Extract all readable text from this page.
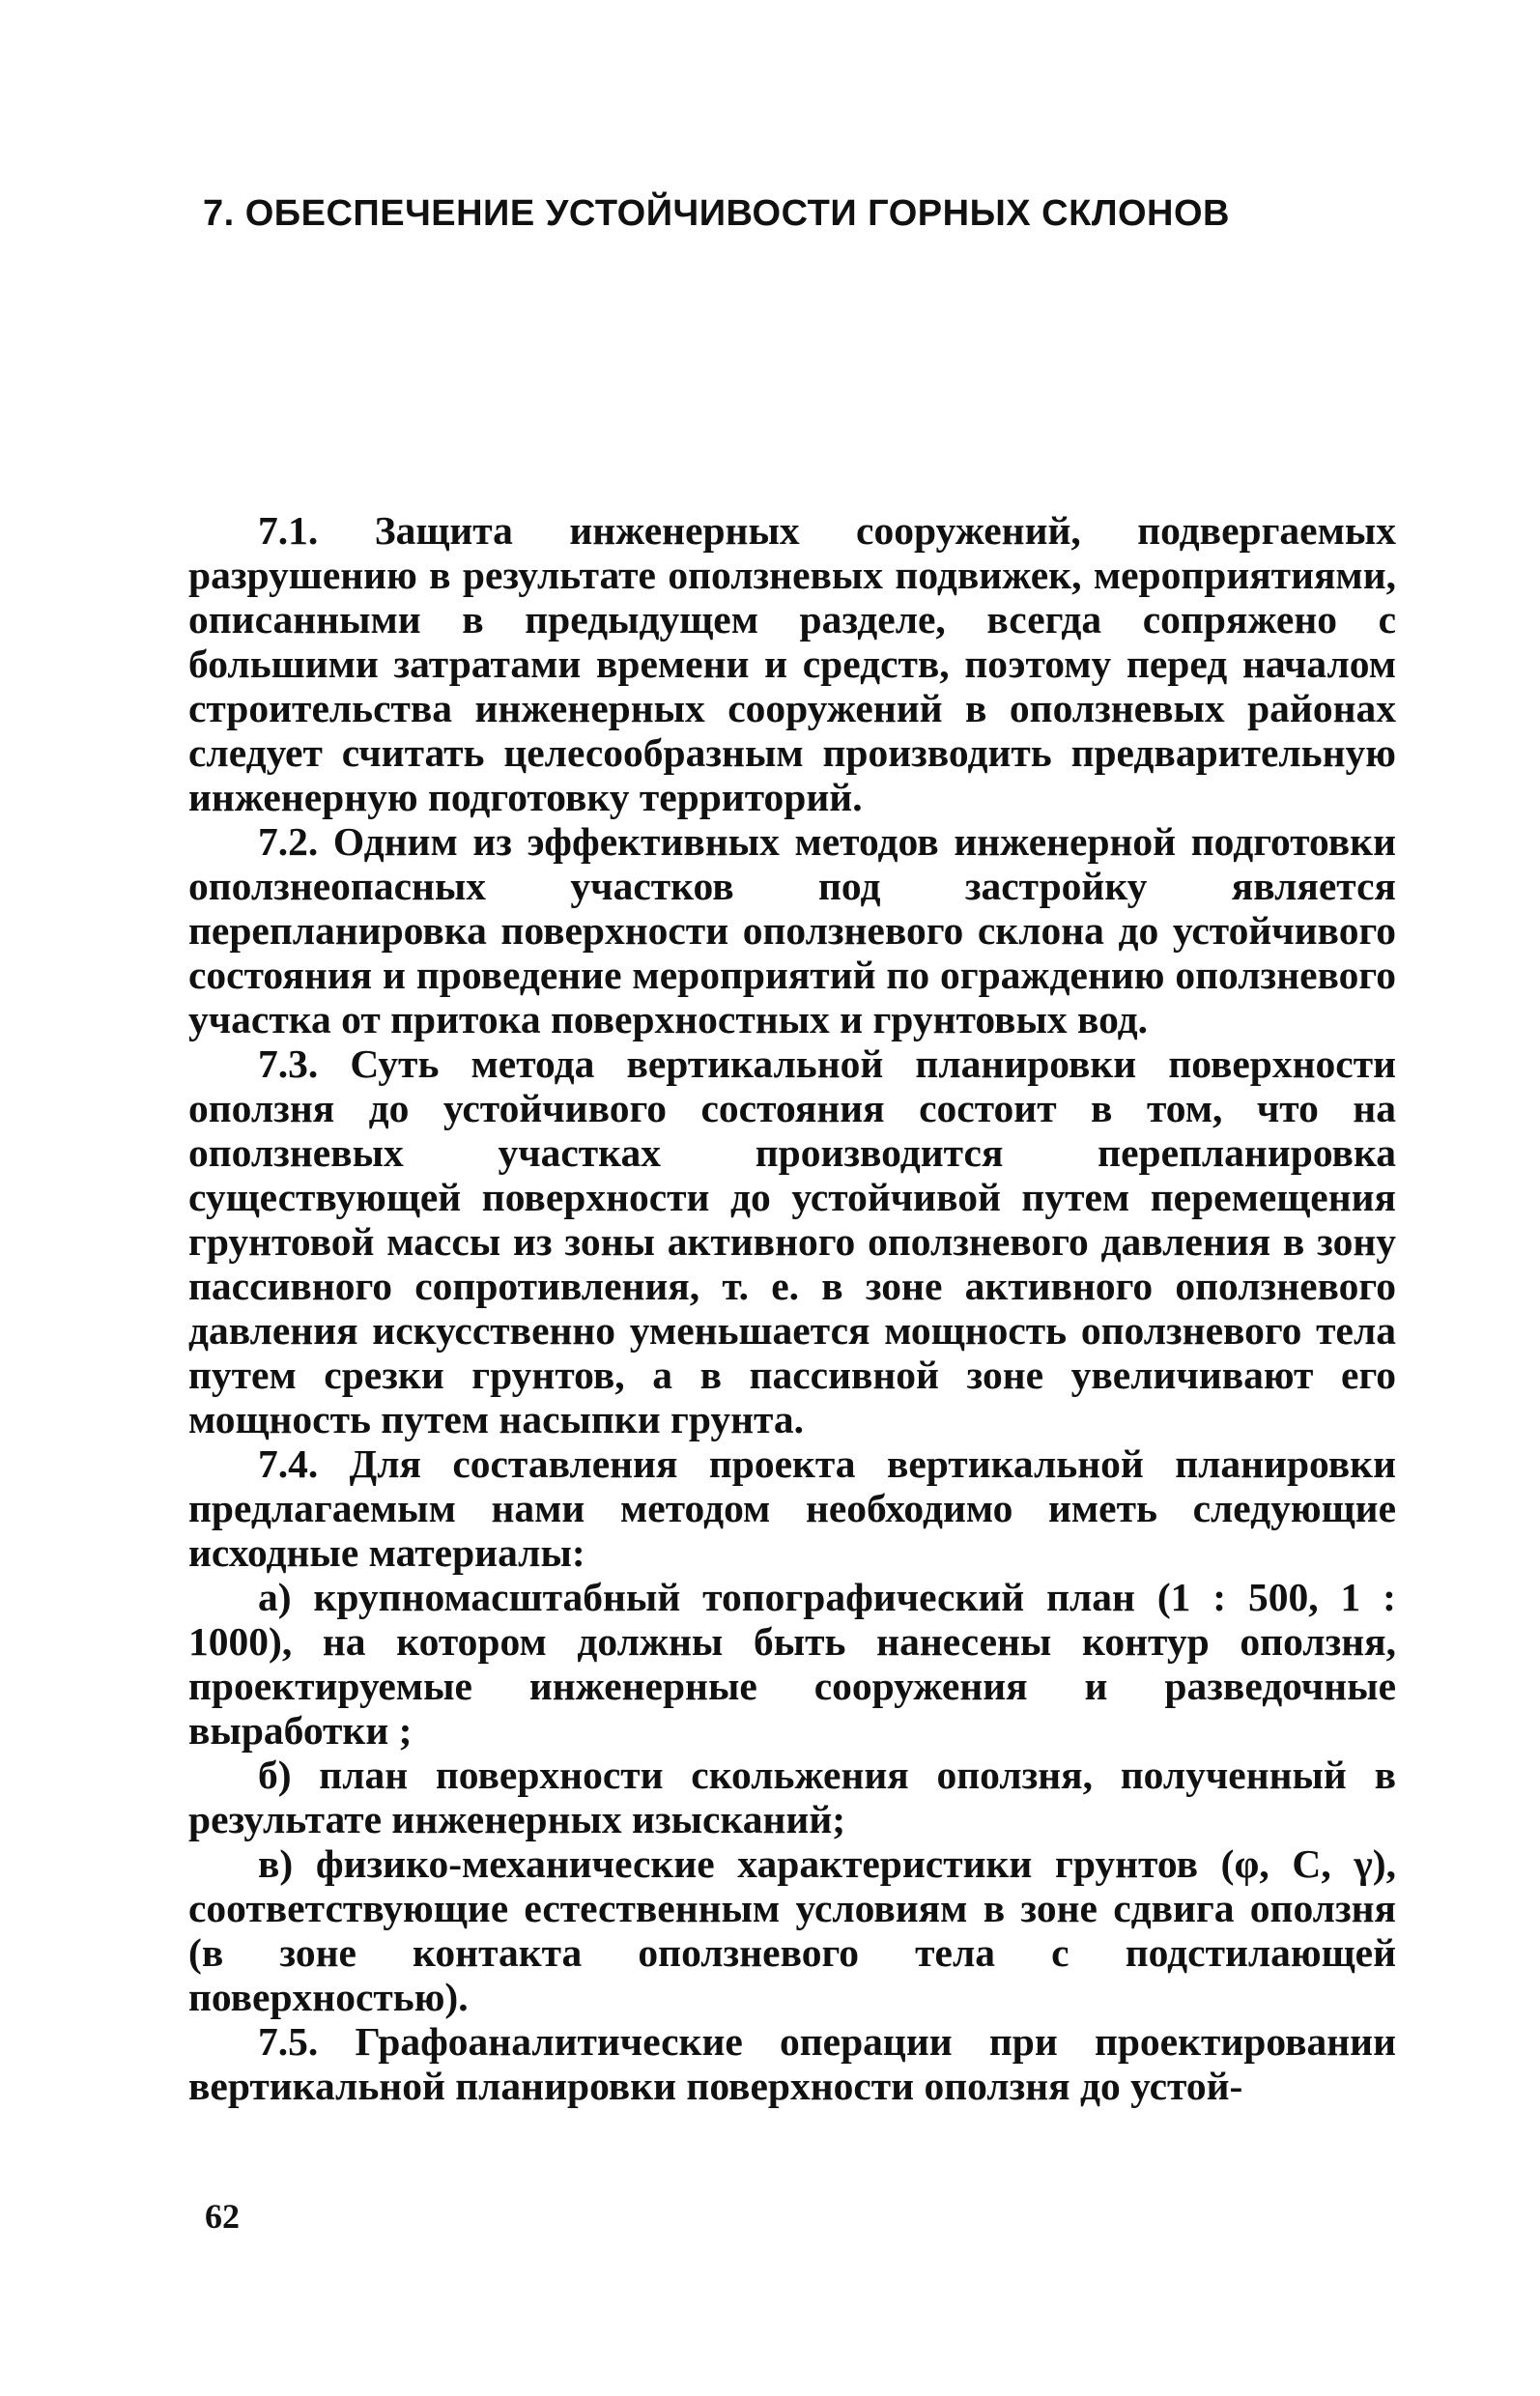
7. ОБЕСПЕЧЕНИЕ УСТОЙЧИВОСТИ ГОРНЫХ СКЛОНОВ

7.1. Защита инженерных сооружений, подвергаемых разрушению в результате оползневых подвижек, мероприятиями, описанными в предыдущем разделе, всегда сопряжено с большими затратами времени и средств, поэтому перед началом строительства инженерных сооружений в оползневых районах следует считать целесообразным производить предварительную инженерную подготовку территорий.

7.2. Одним из эффективных методов инженерной подготовки оползнеопасных участков под застройку является перепланировка поверхности оползневого склона до устойчивого состояния и проведение мероприятий по ограждению оползневого участка от притока поверхностных и грунтовых вод.

7.3. Суть метода вертикальной планировки поверхности оползня до устойчивого состояния состоит в том, что на оползневых участках производится перепланировка существующей поверхности до устойчивой путем перемещения грунтовой массы из зоны активного оползневого давления в зону пассивного сопротивления, т. е. в зоне активного оползневого давления искусственно уменьшается мощность оползневого тела путем срезки грунтов, а в пассивной зоне увеличивают его мощность путем насыпки грунта.

7.4. Для составления проекта вертикальной планировки предлагаемым нами методом необходимо иметь следующие исходные материалы:

а) крупномасштабный топографический план (1 : 500, 1 : 1000), на котором должны быть нанесены контур оползня, проектируемые инженерные сооружения и разведочные выработки ;

б) план поверхности скольжения оползня, полученный в результате инженерных изысканий;

в) физико-механические характеристики грунтов (φ, C, γ), соответствующие естественным условиям в зоне сдвига оползня (в зоне контакта оползневого тела с подстилающей поверхностью).

7.5. Графоаналитические операции при проектировании вертикальной планировки поверхности оползня до устой-

62
